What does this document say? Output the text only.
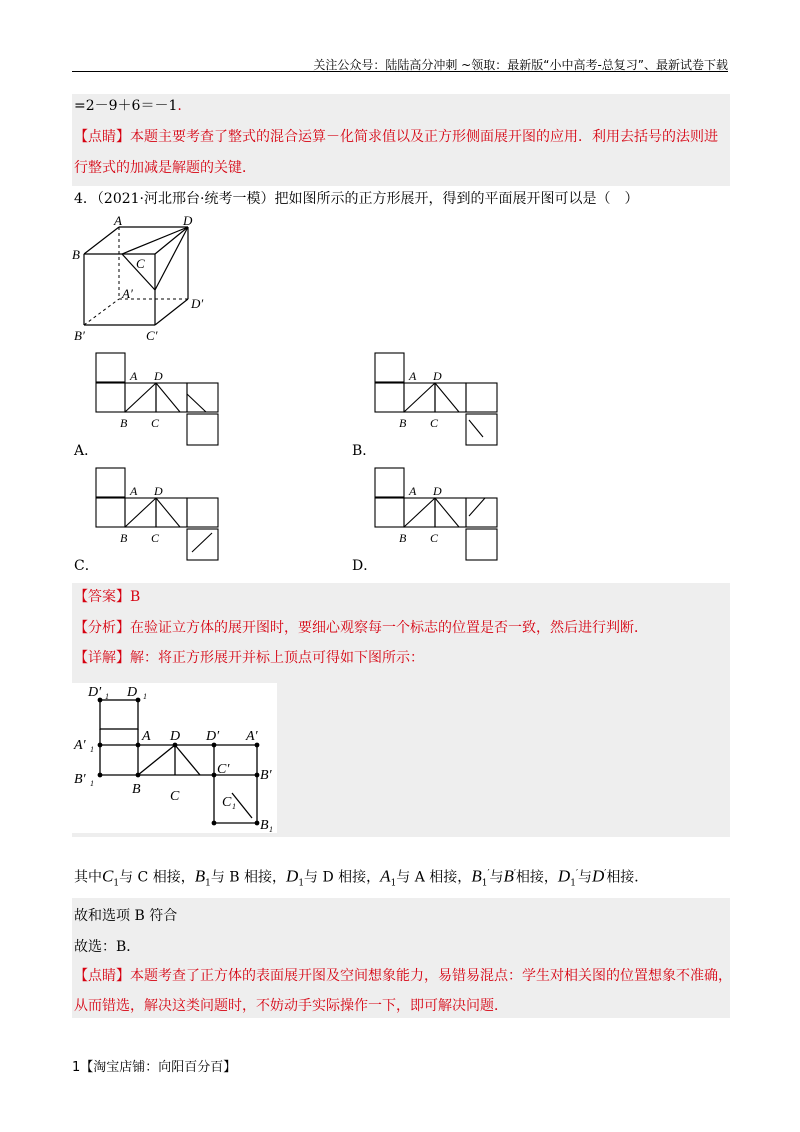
关注公众号：陆陆高分冲刺 ~领取：最新版“小中高考-总复习”、最新试卷下载
=2－9＋6＝－1.
【点睛】本题主要考查了整式的混合运算－化简求值以及正方形侧面展开图的应用．利用去括号的法则进
行整式的加减是解题的关键．
4．（2021·河北邢台·统考一模）把如图所示的正方形展开，得到的平面展开图可以是（　）
A	D
B
C
A′
D′
B′	C′
A D
B C
A D
B C
A D
B C
A D
B C
A．	B．
C．	D．
【答案】B
【分析】在验证立方体的展开图时，要细心观察每一个标志的位置是否一致，然后进行判断．
【详解】解：将正方形展开并标上顶点可得如下图所示：
D′ D
A′
A D D′ A′
B′
C′ B′
B C	C
B
1	1
1
1
1
1
其中$C_1$与 C 相接，$B_1$与 B 相接，$D_1$与 D 相接，$A_1$与 A 相接，$B_1'$与B′相接，$D_1'$与D′相接．
故和选项 B 符合
故选：B．
【点睛】本题考查了正方体的表面展开图及空间想象能力，易错易混点：学生对相关图的位置想象不准确，
从而错选，解决这类问题时，不妨动手实际操作一下，即可解决问题．
1【淘宝店铺：向阳百分百】
